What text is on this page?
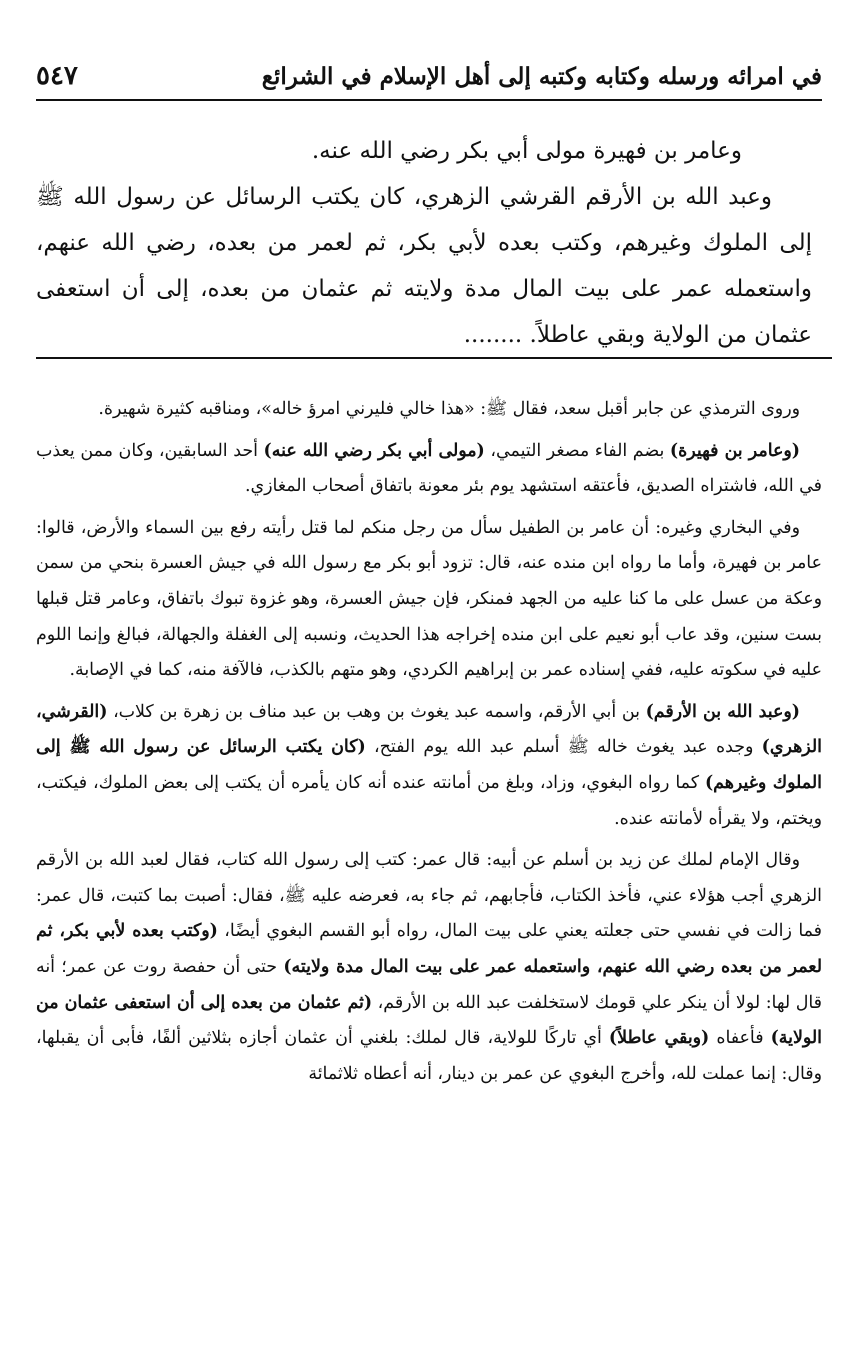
في امرائه ورسله وكتابه وكتبه إلى أهل الإسلام في الشرائع
٥٤٧

وعامر بن فهيرة مولى أبي بكر رضي الله عنه.

وعبد الله بن الأرقم القرشي الزهري، كان يكتب الرسائل عن رسول الله ﷺ إلى الملوك وغيرهم، وكتب بعده لأبي بكر، ثم لعمر من بعده، رضي الله عنهم، واستعمله عمر على بيت المال مدة ولايته ثم عثمان من بعده، إلى أن استعفى عثمان من الولاية وبقي عاطلاً. ........

وروى الترمذي عن جابر أقبل سعد، فقال ﷺ: «هذا خالي فليرني امرؤ خاله»، ومناقبه كثيرة شهيرة.

(وعامر بن فهيرة) بضم الفاء مصغر التيمي، (مولى أبي بكر رضي الله عنه) أحد السابقين، وكان ممن يعذب في الله، فاشتراه الصديق، فأعتقه استشهد يوم بئر معونة باتفاق أصحاب المغازي.

وفي البخاري وغيره: أن عامر بن الطفيل سأل من رجل منكم لما قتل رأيته رفع بين السماء والأرض، قالوا: عامر بن فهيرة، وأما ما رواه ابن منده عنه، قال: تزود أبو بكر مع رسول الله في جيش العسرة بنحي من سمن وعكة من عسل على ما كنا عليه من الجهد فمنكر، فإن جيش العسرة، وهو غزوة تبوك باتفاق، وعامر قتل قبلها بست سنين، وقد عاب أبو نعيم على ابن منده إخراجه هذا الحديث، ونسبه إلى الغفلة والجهالة، فبالغ وإنما اللوم عليه في سكوته عليه، ففي إسناده عمر بن إبراهيم الكردي، وهو متهم بالكذب، فالآفة منه، كما في الإصابة.

(وعبد الله بن الأرقم) بن أبي الأرقم، واسمه عبد يغوث بن وهب بن عبد مناف بن زهرة بن كلاب، (القرشي، الزهري) وجده عبد يغوث خاله ﷺ أسلم عبد الله يوم الفتح، (كان يكتب الرسائل عن رسول الله ﷺ إلى الملوك وغيرهم) كما رواه البغوي، وزاد، وبلغ من أمانته عنده أنه كان يأمره أن يكتب إلى بعض الملوك، فيكتب، ويختم، ولا يقرأه لأمانته عنده.

وقال الإمام لملك عن زيد بن أسلم عن أبيه: قال عمر: كتب إلى رسول الله كتاب، فقال لعبد الله بن الأرقم الزهري أجب هؤلاء عني، فأخذ الكتاب، فأجابهم، ثم جاء به، فعرضه عليه ﷺ، فقال: أصبت بما كتبت، قال عمر: فما زالت في نفسي حتى جعلته يعني على بيت المال، رواه أبو القسم البغوي أيضًا، (وكتب بعده لأبي بكر، ثم لعمر من بعده رضي الله عنهم، واستعمله عمر على بيت المال مدة ولايته) حتى أن حفصة روت عن عمر؛ أنه قال لها: لولا أن ينكر علي قومك لاستخلفت عبد الله بن الأرقم، (ثم عثمان من بعده إلى أن استعفى عثمان من الولاية) فأعفاه (وبقي عاطلاً) أي تاركًا للولاية، قال لملك: بلغني أن عثمان أجازه بثلاثين ألفًا، فأبى أن يقبلها، وقال: إنما عملت لله، وأخرج البغوي عن عمر بن دينار، أنه أعطاه ثلاثمائة
